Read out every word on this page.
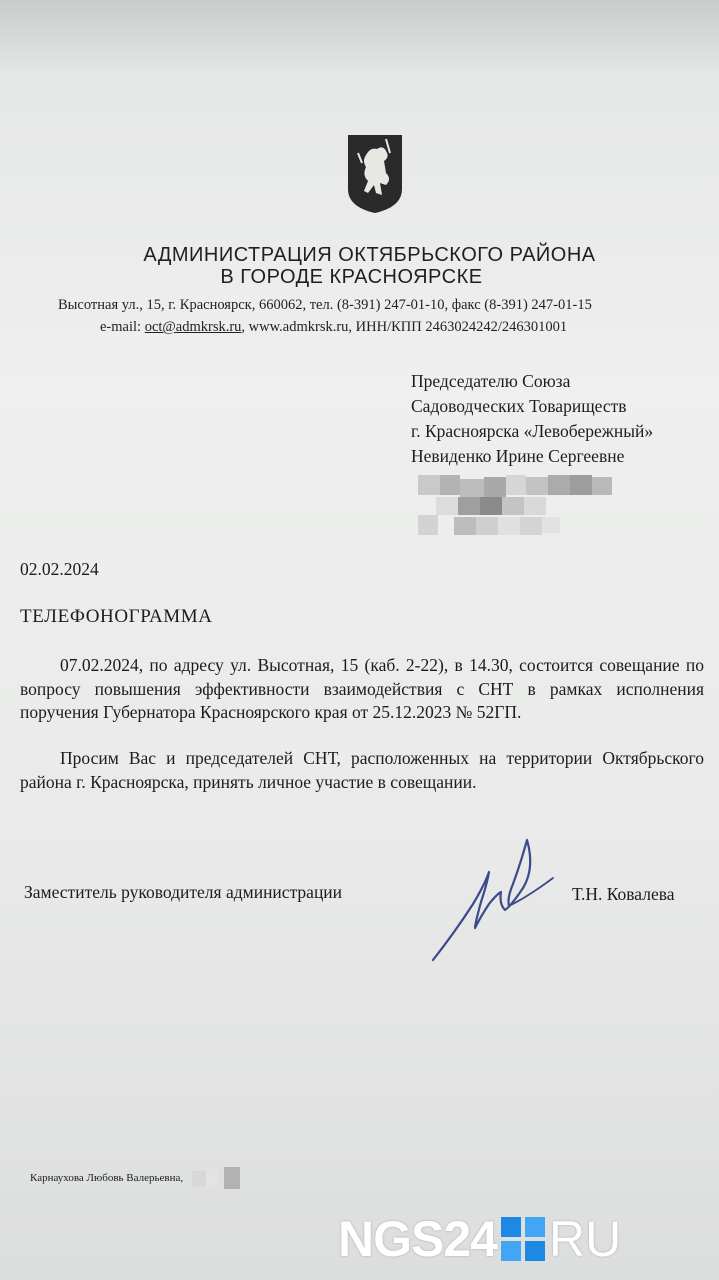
АДМИНИСТРАЦИЯ ОКТЯБРЬСКОГО РАЙОНА
В ГОРОДЕ КРАСНОЯРСКЕ
Высотная ул., 15, г. Красноярск, 660062, тел. (8-391) 247-01-10, факс (8-391) 247-01-15
e-mail: oct@admkrsk.ru, www.admkrsk.ru, ИНН/КПП 2463024242/246301001
Председателю Союза
Садоводческих Товариществ
г. Красноярска «Левобережный»
Невиденко Ирине Сергеевне
02.02.2024
ТЕЛЕФОНОГРАММА
07.02.2024, по адресу ул. Высотная, 15 (каб. 2-22), в 14.30, состоится совещание по вопросу повышения эффективности взаимодействия с СНТ в рамках исполнения поручения Губернатора Красноярского края от 25.12.2023 № 52ГП.
Просим Вас и председателей СНТ, расположенных на территории Октябрьского района г. Красноярска, принять личное участие в совещании.
Заместитель руководителя администрации	Т.Н. Ковалева
Карнаухова Любовь Валерьевна,
NGS24 RU
